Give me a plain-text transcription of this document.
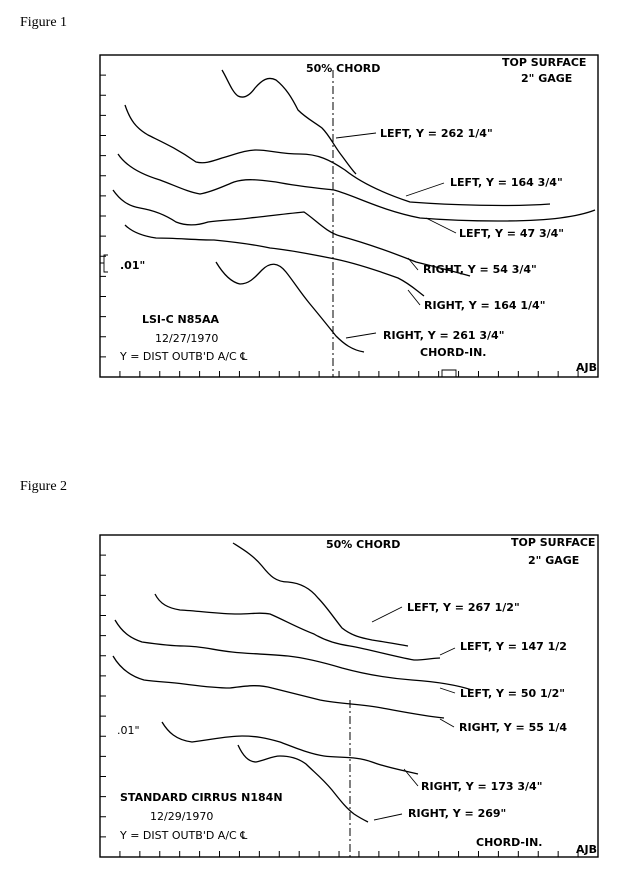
Figure 1
Figure 2
50% CHORD	TOP SURFACE
2" GAGE
LEFT, Y = 262 1/4"
LEFT, Y = 164 3/4"
LEFT, Y = 47 3/4"
RIGHT, Y = 54 3/4"
RIGHT, Y = 164 1/4"
RIGHT, Y = 261 3/4"
.01"
LSI-C N85AA
12/27/1970
Y = DIST OUTB'D A/C ℄	CHORD-IN.
AJB
50% CHORD	TOP SURFACE
2" GAGE
LEFT, Y = 267 1/2"
LEFT, Y = 147 1/2
LEFT, Y = 50 1/2"
RIGHT, Y = 55 1/4
RIGHT, Y = 173 3/4"
RIGHT, Y = 269"
.01"
STANDARD CIRRUS N184N
12/29/1970
Y = DIST OUTB'D A/C ℄
CHORD-IN.
AJB
